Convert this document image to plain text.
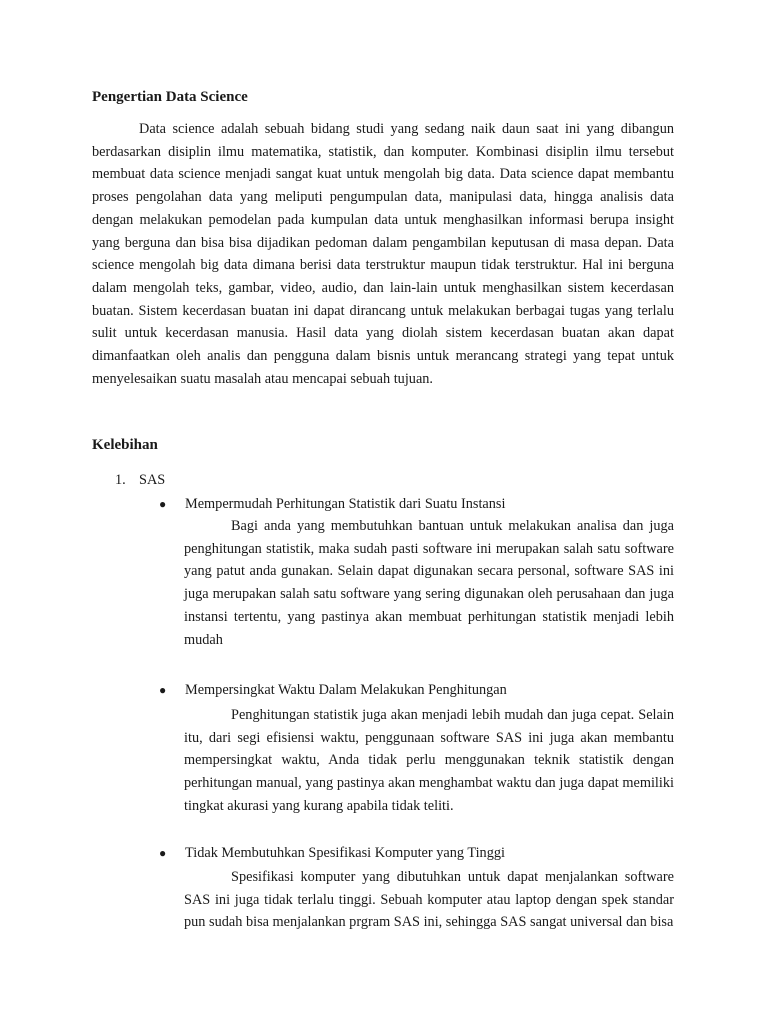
Pengertian Data Science

Data science adalah sebuah bidang studi yang sedang naik daun saat ini yang dibangun berdasarkan disiplin ilmu matematika, statistik, dan komputer. Kombinasi disiplin ilmu tersebut membuat data science menjadi sangat kuat untuk mengolah big data. Data science dapat membantu proses pengolahan data yang meliputi pengumpulan data, manipulasi data, hingga analisis data dengan melakukan pemodelan pada kumpulan data untuk menghasilkan informasi berupa insight yang berguna dan bisa bisa dijadikan pedoman dalam pengambilan keputusan di masa depan. Data science mengolah big data dimana berisi data terstruktur maupun tidak terstruktur. Hal ini berguna dalam mengolah teks, gambar, video, audio, dan lain-lain untuk menghasilkan sistem kecerdasan buatan. Sistem kecerdasan buatan ini dapat dirancang untuk melakukan berbagai tugas yang terlalu sulit untuk kecerdasan manusia. Hasil data yang diolah sistem kecerdasan buatan akan dapat dimanfaatkan oleh analis dan pengguna dalam bisnis untuk merancang strategi yang tepat untuk menyelesaikan suatu masalah atau mencapai sebuah tujuan.

Kelebihan
1. SAS
● Mempermudah Perhitungan Statistik dari Suatu Instansi

Bagi anda yang membutuhkan bantuan untuk melakukan analisa dan juga penghitungan statistik, maka sudah pasti software ini merupakan salah satu software yang patut anda gunakan. Selain dapat digunakan secara personal, software SAS ini juga merupakan salah satu software yang sering digunakan oleh perusahaan dan juga instansi tertentu, yang pastinya akan membuat perhitungan statistik menjadi lebih mudah

● Mempersingkat Waktu Dalam Melakukan Penghitungan

Penghitungan statistik juga akan menjadi lebih mudah dan juga cepat. Selain itu, dari segi efisiensi waktu, penggunaan software SAS ini juga akan membantu mempersingkat waktu, Anda tidak perlu menggunakan teknik statistik dengan perhitungan manual, yang pastinya akan menghambat waktu dan juga dapat memiliki tingkat akurasi yang kurang apabila tidak teliti.

● Tidak Membutuhkan Spesifikasi Komputer yang Tinggi

Spesifikasi komputer yang dibutuhkan untuk dapat menjalankan software SAS ini juga tidak terlalu tinggi. Sebuah komputer atau laptop dengan spek standar pun sudah bisa menjalankan prgram SAS ini, sehingga SAS sangat universal dan bisa
